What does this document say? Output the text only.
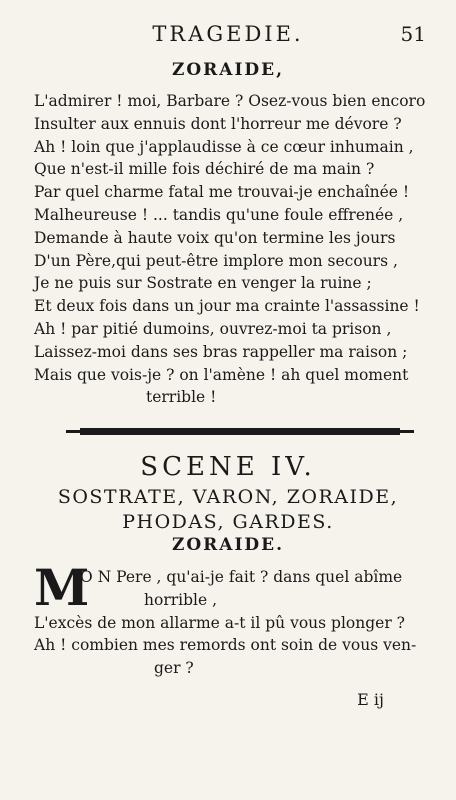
TRAGEDIE.	51
ZORAIDE,
L'admirer ! moi, Barbare ? Osez-vous bien encoro
Insulter aux ennuis dont l'horreur me dévore ?
Ah ! loin que j'applaudisse à ce cœur inhumain ,
Que n'est-il mille fois déchiré de ma main ?
Par quel charme fatal me trouvai-je enchaînée !
Malheureuse ! ... tandis qu'une foule effrenée ,
Demande à haute voix qu'on termine les jours
D'un Père,qui peut-être implore mon secours ,
Je ne puis sur Sostrate en venger la ruine ;
Et deux fois dans un jour ma crainte l'assassine !
Ah ! par pitié dumoins, ouvrez-moi ta prison ,
Laissez-moi dans ses bras rappeller ma raison ;
Mais que vois-je ? on l'amène ! ah quel moment
terrible !
SCENE IV.
SOSTRATE, VARON, ZORAIDE,
PHODAS, GARDES.
ZORAIDE.
M
O N Pere , qu'ai-je fait ? dans quel abîme
horrible ,
L'excès de mon allarme a-t il pû vous plonger ?
Ah ! combien mes remords ont soin de vous ven-
ger ?
E ij
